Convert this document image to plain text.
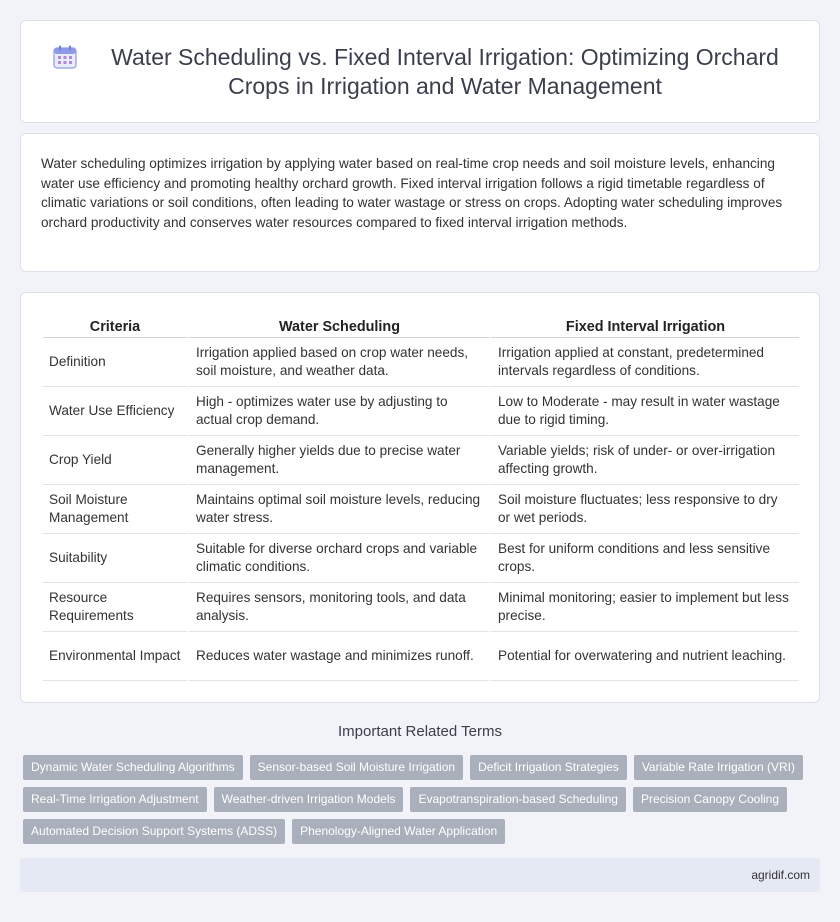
Water Scheduling vs. Fixed Interval Irrigation: Optimizing Orchard Crops in Irrigation and Water Management

Water scheduling optimizes irrigation by applying water based on real-time crop needs and soil moisture levels, enhancing water use efficiency and promoting healthy orchard growth. Fixed interval irrigation follows a rigid timetable regardless of climatic variations or soil conditions, often leading to water wastage or stress on crops. Adopting water scheduling improves orchard productivity and conserves water resources compared to fixed interval irrigation methods.

Criteria	Water Scheduling	Fixed Interval Irrigation
Definition	Irrigation applied based on crop water needs, soil moisture, and weather data.	Irrigation applied at constant, predetermined intervals regardless of conditions.
Water Use Efficiency	High - optimizes water use by adjusting to actual crop demand.	Low to Moderate - may result in water wastage due to rigid timing.
Crop Yield	Generally higher yields due to precise water management.	Variable yields; risk of under- or over-irrigation affecting growth.
Soil Moisture Management	Maintains optimal soil moisture levels, reducing water stress.	Soil moisture fluctuates; less responsive to dry or wet periods.
Suitability	Suitable for diverse orchard crops and variable climatic conditions.	Best for uniform conditions and less sensitive crops.
Resource Requirements	Requires sensors, monitoring tools, and data analysis.	Minimal monitoring; easier to implement but less precise.
Environmental Impact	Reduces water wastage and minimizes runoff.	Potential for overwatering and nutrient leaching.
Important Related Terms
Dynamic Water Scheduling Algorithms	Sensor-based Soil Moisture Irrigation	Deficit Irrigation Strategies	Variable Rate Irrigation (VRI)
Real-Time Irrigation Adjustment	Weather-driven Irrigation Models	Evapotranspiration-based Scheduling	Precision Canopy Cooling
Automated Decision Support Systems (ADSS)	Phenology-Aligned Water Application
agridif.com
